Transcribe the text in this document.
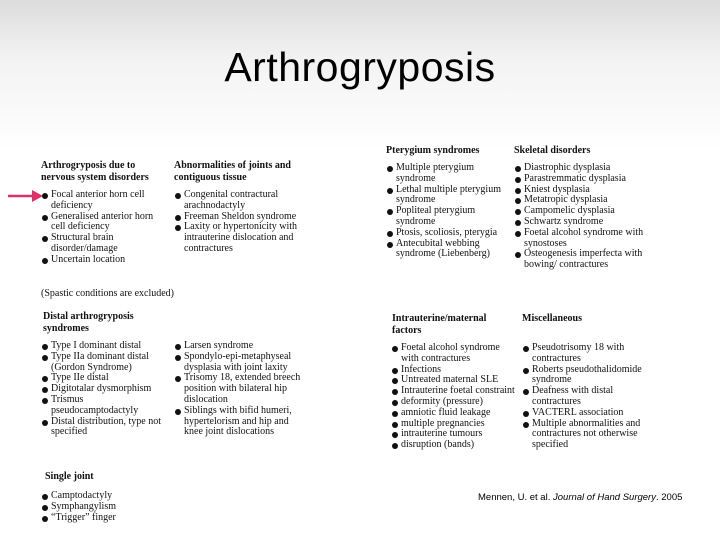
Arthrogryposis
Arthrogryposis due to
nervous system disorders
Focal anterior horn cell deficiency
Generalised anterior horn cell deficiency
Structural brain disorder/damage
Uncertain location
(Spastic conditions are excluded)
Abnormalities of joints and
contiguous tissue
Congenital contractural arachnodactyly
Freeman Sheldon syndrome
Laxity or hypertonicity with intrauterine dislocation and contractures
Pterygium syndromes
Multiple pterygium syndrome
Lethal multiple pterygium syndrome
Popliteal pterygium syndrome
Ptosis, scoliosis, pterygia
Antecubital webbing syndrome (Liebenberg)
Skeletal disorders
Diastrophic dysplasia
Parastremmatic dysplasia
Kniest dysplasia
Metatropic dysplasia
Campomelic dysplasia
Schwartz syndrome
Foetal alcohol syndrome with synostoses
Osteogenesis imperfecta with bowing/ contractures
Distal arthrogryposis
syndromes
Type I dominant distal
Type IIa dominant distal (Gordon Syndrome)
Type IIe distal
Digitotalar dysmorphism
Trismus pseudocamptodactyly
Distal distribution, type not specified
Larsen syndrome
Spondylo-epi-metaphyseal dysplasia with joint laxity
Trisomy 18, extended breech position with bilateral hip dislocation
Siblings with bifid humeri, hypertelorism and hip and knee joint dislocations
Single joint
Camptodactyly
Symphangylism
“Trigger” finger
Intrauterine/maternal
factors
Foetal alcohol syndrome with contractures
Infections
Untreated maternal SLE
Intrauterine foetal constraint
deformity (pressure)
amniotic fluid leakage
multiple pregnancies
intrauterine tumours
disruption (bands)
Miscellaneous
Pseudotrisomy 18 with contractures
Roberts pseudothalidomide syndrome
Deafness with distal contractures
VACTERL association
Multiple abnormalities and contractures not otherwise specified
Mennen, U. et al. Journal of Hand Surgery. 2005
